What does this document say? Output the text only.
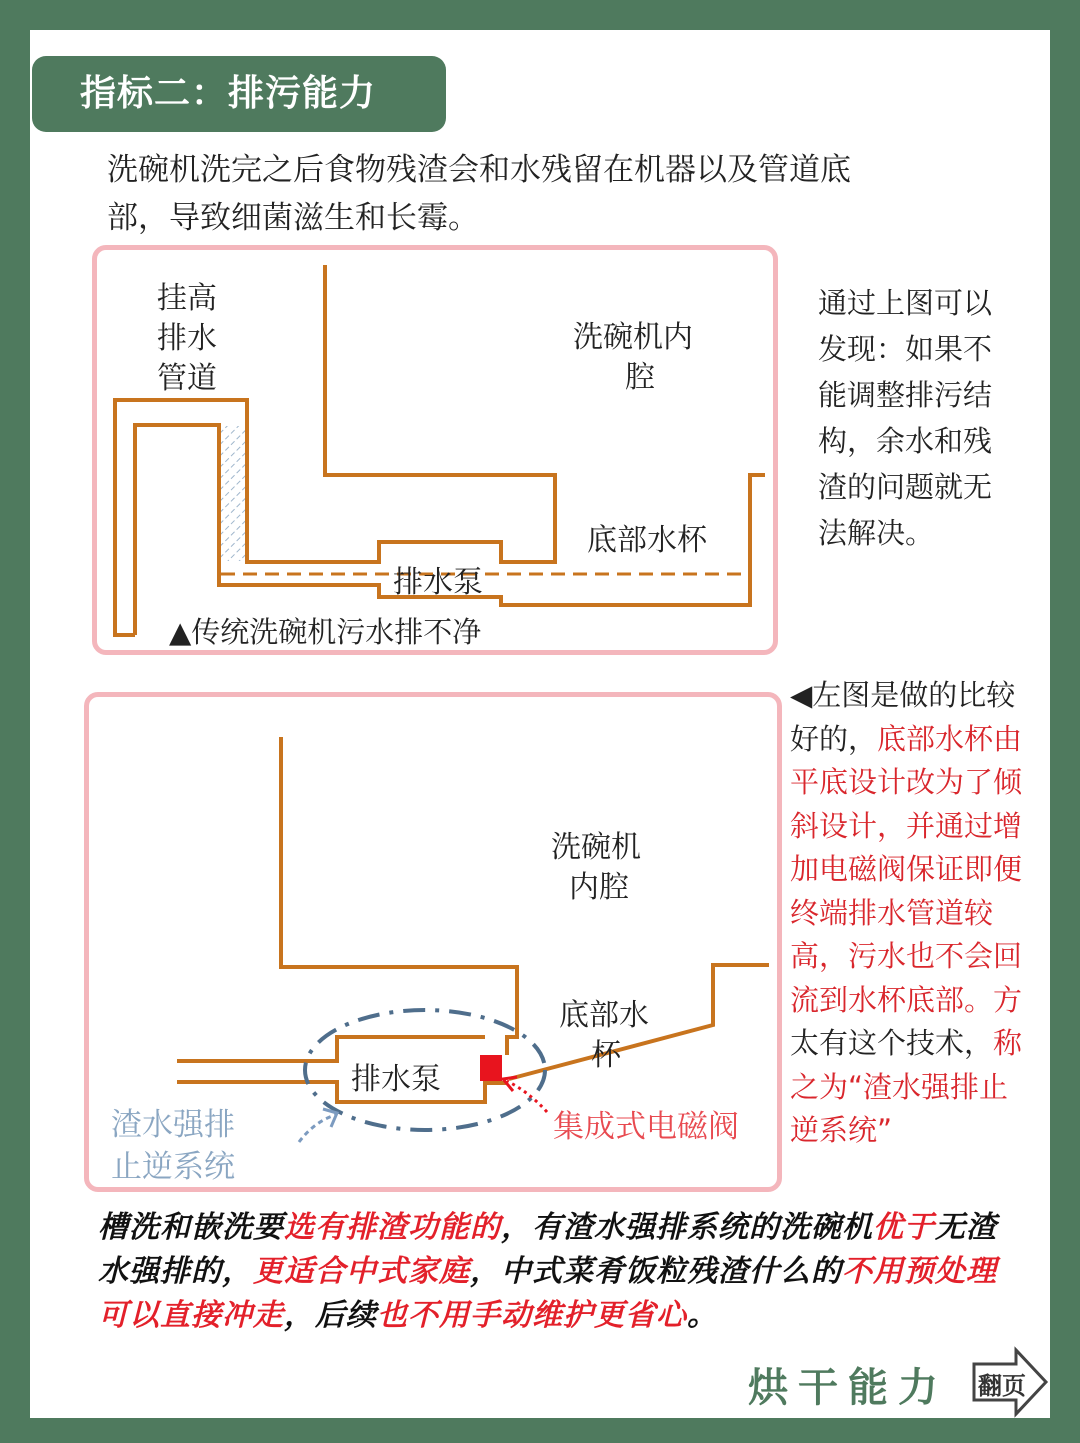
指标二：排污能力
洗碗机洗完之后食物残渣会和水残留在机器以及管道底部，导致细菌滋生和长霉。
挂高
排水
管道
洗碗机内
腔
底部水杯
排水泵
▲传统洗碗机污水排不净
通过上图可以发现：如果不能调整排污结构，余水和残渣的问题就无法解决。
洗碗机
内腔
底部水
杯
排水泵
渣水强排
止逆系统
集成式电磁阀
◀左图是做的比较好的，底部水杯由平底设计改为了倾斜设计，并通过增加电磁阀保证即便终端排水管道较高，污水也不会回流到水杯底部。方太有这个技术，称之为“渣水强排止逆系统”
槽洗和嵌洗要选有排渣功能的，有渣水强排系统的洗碗机优于无渣水强排的，更适合中式家庭，中式菜肴饭粒残渣什么的不用预处理可以直接冲走，后续也不用手动维护更省心。
烘干能力 翻页
